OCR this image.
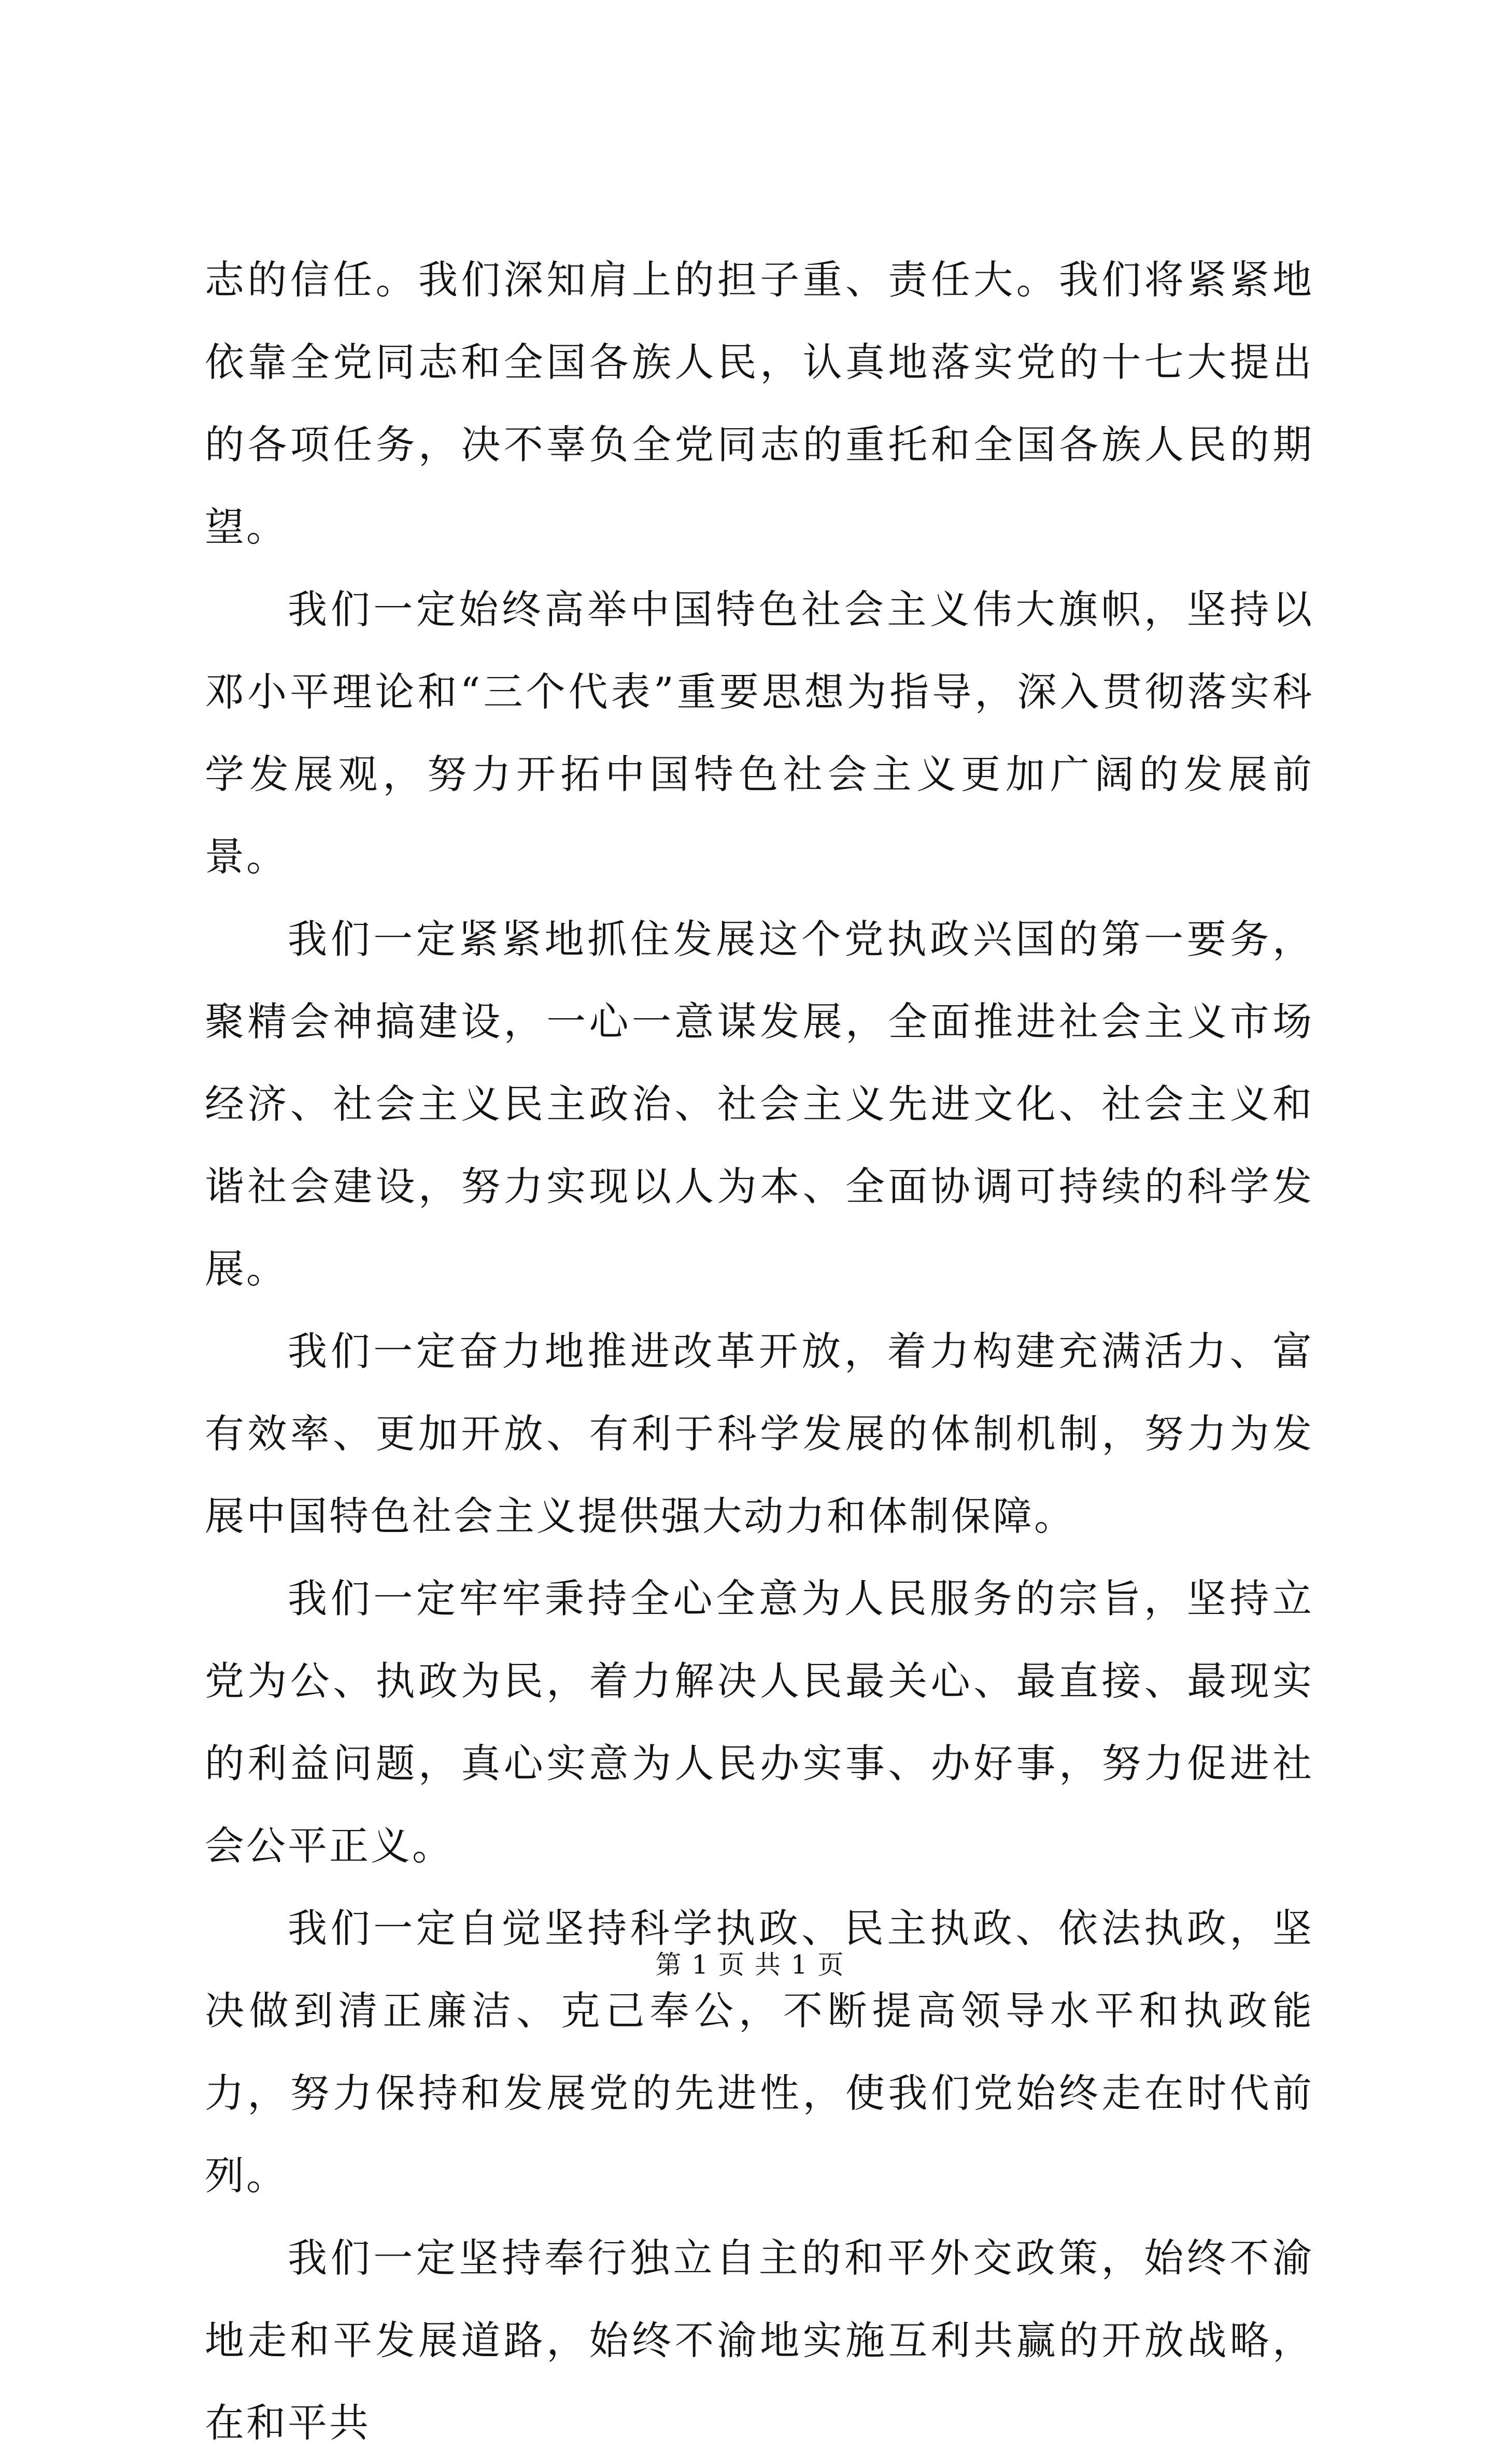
志的信任。我们深知肩上的担子重、责任大。我们将紧紧地依靠全党同志和全国各族人民，认真地落实党的十七大提出的各项任务，决不辜负全党同志的重托和全国各族人民的期望。

我们一定始终高举中国特色社会主义伟大旗帜，坚持以邓小平理论和“三个代表”重要思想为指导，深入贯彻落实科学发展观，努力开拓中国特色社会主义更加广阔的发展前景。

我们一定紧紧地抓住发展这个党执政兴国的第一要务，聚精会神搞建设，一心一意谋发展，全面推进社会主义市场经济、社会主义民主政治、社会主义先进文化、社会主义和谐社会建设，努力实现以人为本、全面协调可持续的科学发展。

我们一定奋力地推进改革开放，着力构建充满活力、富有效率、更加开放、有利于科学发展的体制机制，努力为发展中国特色社会主义提供强大动力和体制保障。

我们一定牢牢秉持全心全意为人民服务的宗旨，坚持立党为公、执政为民，着力解决人民最关心、最直接、最现实的利益问题，真心实意为人民办实事、办好事，努力促进社会公平正义。

我们一定自觉坚持科学执政、民主执政、依法执政，坚决做到清正廉洁、克己奉公，不断提高领导水平和执政能力，努力保持和发展党的先进性，使我们党始终走在时代前列。

我们一定坚持奉行独立自主的和平外交政策，始终不渝地走和平发展道路，始终不渝地实施互利共赢的开放战略，在和平共

第 1 页 共 1 页
